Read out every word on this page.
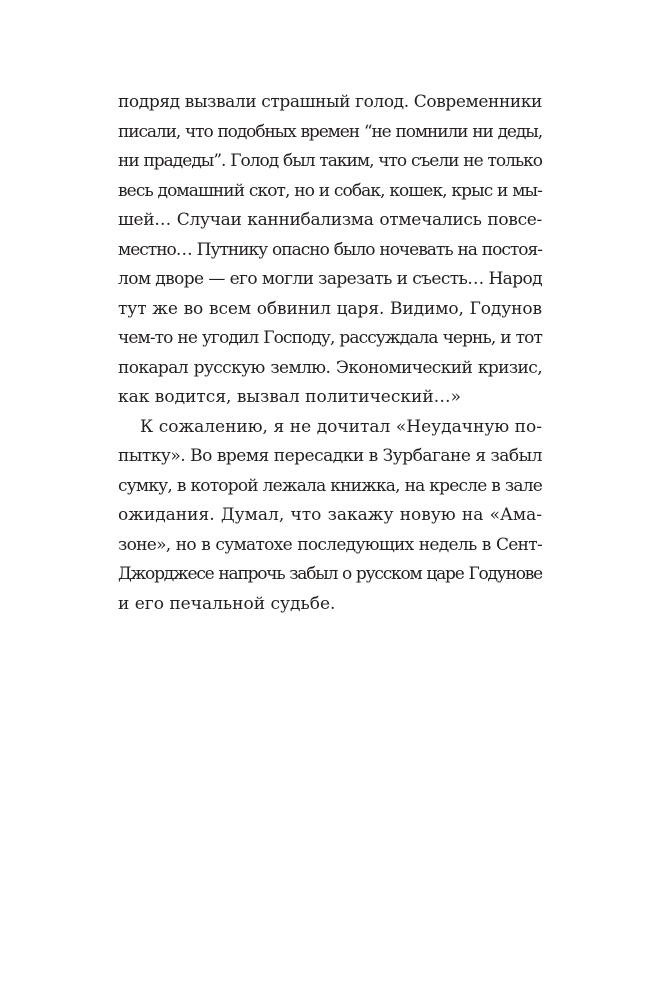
подряд вызвали страшный голод. Современники
писали, что подобных времен “не помнили ни деды,
ни прадеды”. Голод был таким, что съели не только
весь домашний скот, но и собак, кошек, крыс и мы-
шей… Случаи каннибализма отмечались повсе-
местно… Путнику опасно было ночевать на постоя-
лом дворе — его могли зарезать и съесть… Народ
тут же во всем обвинил царя. Видимо, Годунов
чем-то не угодил Господу, рассуждала чернь, и тот
покарал русскую землю. Экономический кризис,
как водится, вызвал политический…»
К сожалению, я не дочитал «Неудачную по-
пытку». Во время пересадки в Зурбагане я забыл
сумку, в которой лежала книжка, на кресле в зале
ожидания. Думал, что закажу новую на «Ама-
зоне», но в суматохе последующих недель в Сент-
Джорджесе напрочь забыл о русском царе Годунове
и его печальной судьбе.
